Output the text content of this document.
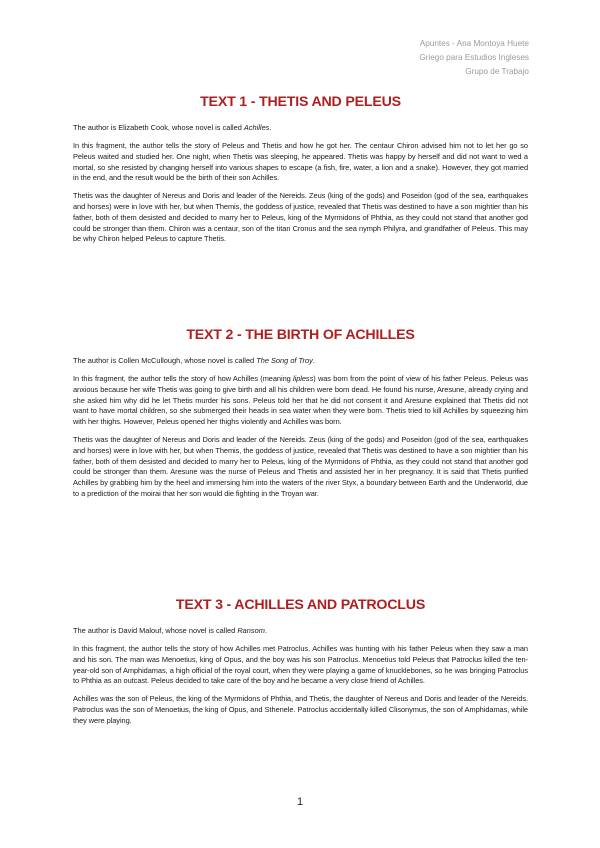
Apuntes - Ana Montoya Huete
Griego para Estudios Ingleses
Grupo de Trabajo
TEXT 1 - THETIS AND PELEUS

The author is Elizabeth Cook, whose novel is called Achilles.

In this fragment, the author tells the story of Peleus and Thetis and how he got her. The centaur Chiron advised him not to let her go so Peleus waited and studied her. One night, when Thetis was sleeping, he appeared. Thetis was happy by herself and did not want to wed a mortal, so she resisted by changing herself into various shapes to escape (a fish, fire, water, a lion and a snake). However, they got married in the end, and the result would be the birth of their son Achilles.

Thetis was the daughter of Nereus and Doris and leader of the Nereids. Zeus (king of the gods) and Poseidon (god of the sea, earthquakes and horses) were in love with her, but when Themis, the goddess of justice, revealed that Thetis was destined to have a son mightier than his father, both of them desisted and decided to marry her to Peleus, king of the Myrmidons of Phthia, as they could not stand that another god could be stronger than them. Chiron was a centaur, son of the titan Cronus and the sea nymph Philyra, and grandfather of Peleus. This may be why Chiron helped Peleus to capture Thetis.

TEXT 2 - THE BIRTH OF ACHILLES

The author is Collen McCullough, whose novel is called The Song of Troy.

In this fragment, the author tells the story of how Achilles (meaning lipless) was born from the point of view of his father Peleus. Peleus was anxious because her wife Thetis was going to give birth and all his children were born dead. He found his nurse, Aresune, already crying and she asked him why did he let Thetis murder his sons. Peleus told her that he did not consent it and Aresune explained that Thetis did not want to have mortal children, so she submerged their heads in sea water when they were born. Thetis tried to kill Achilles by squeezing him with her thighs. However, Peleus opened her thighs violently and Achilles was born.

Thetis was the daughter of Nereus and Doris and leader of the Nereids. Zeus (king of the gods) and Poseidon (god of the sea, earthquakes and horses) were in love with her, but when Themis, the goddess of justice, revealed that Thetis was destined to have a son mightier than his father, both of them desisted and decided to marry her to Peleus, king of the Myrmidons of Phthia, as they could not stand that another god could be stronger than them. Aresune was the nurse of Peleus and Thetis and assisted her in her pregnancy. It is said that Thetis purified Achilles by grabbing him by the heel and immersing him into the waters of the river Styx, a boundary between Earth and the Underworld, due to a prediction of the moirai that her son would die fighting in the Troyan war.

TEXT 3 - ACHILLES AND PATROCLUS

The author is David Malouf, whose novel is called Ransom.

In this fragment, the author tells the story of how Achilles met Patroclus. Achilles was hunting with his father Peleus when they saw a man and his son. The man was Menoetius, king of Opus, and the boy was his son Patroclus. Menoetius told Peleus that Patroclus killed the ten-year-old son of Amphidamas, a high official of the royal court, when they were playing a game of knucklebones, so he was bringing Patroclus to Phthia as an outcast. Peleus decided to take care of the boy and he became a very close friend of Achilles.

Achilles was the son of Peleus, the king of the Myrmidons of Phthia, and Thetis, the daughter of Nereus and Doris and leader of the Nereids. Patroclus was the son of Menoetius, the king of Opus, and Sthenele. Patroclus accidentally killed Clisonymus, the son of Amphidamas, while they were playing.

1
